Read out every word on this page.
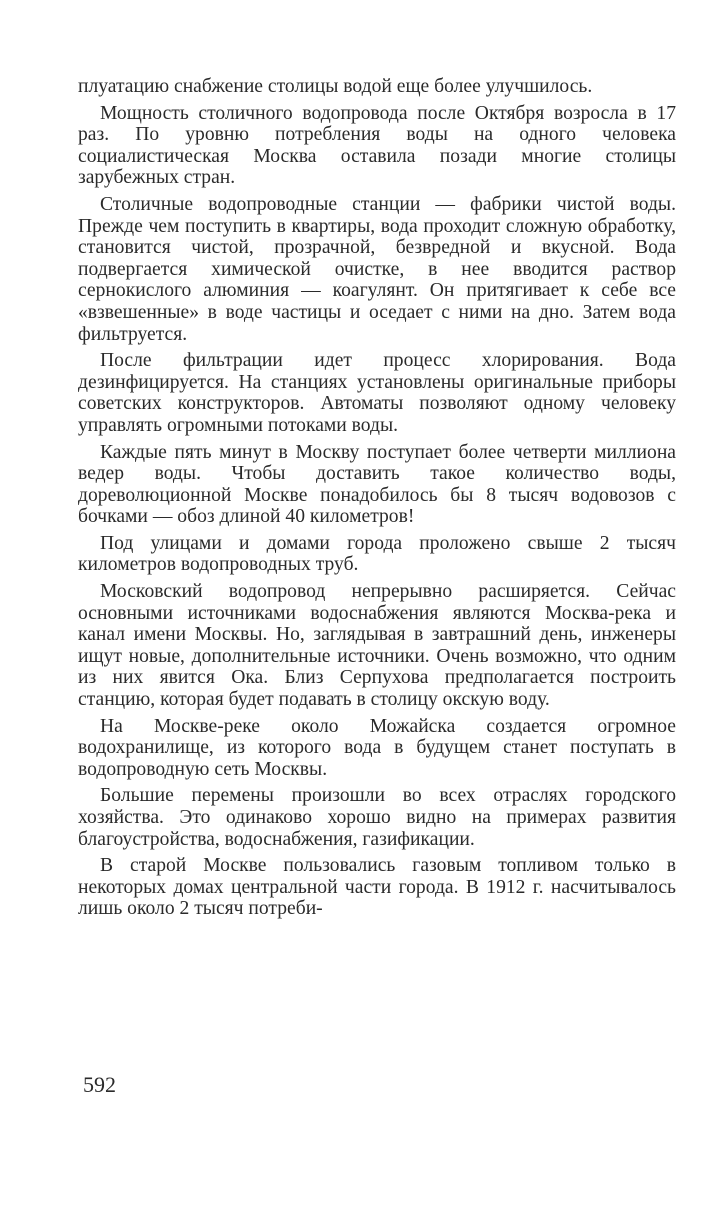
плуатацию снабжение столицы водой еще более улучшилось.

Мощность столичного водопровода после Октября возросла в 17 раз. По уровню потребления воды на одного человека социалистическая Москва оставила позади многие столицы зарубежных стран.

Столичные водопроводные станции — фабрики чистой воды. Прежде чем поступить в квартиры, вода проходит сложную обработку, становится чистой, прозрачной, безвредной и вкусной. Вода подвергается химической очистке, в нее вводится раствор сернокислого алюминия — коагулянт. Он притягивает к себе все «взвешенные» в воде частицы и оседает с ними на дно. Затем вода фильтруется.

После фильтрации идет процесс хлорирования. Вода дезинфицируется. На станциях установлены оригинальные приборы советских конструкторов. Автоматы позволяют одному человеку управлять огромными потоками воды.

Каждые пять минут в Москву поступает более четверти миллиона ведер воды. Чтобы доставить такое количество воды, дореволюционной Москве понадобилось бы 8 тысяч водовозов с бочками — обоз длиной 40 километров!

Под улицами и домами города проложено свыше 2 тысяч километров водопроводных труб.

Московский водопровод непрерывно расширяется. Сейчас основными источниками водоснабжения являются Москва-река и канал имени Москвы. Но, заглядывая в завтрашний день, инженеры ищут новые, дополнительные источники. Очень возможно, что одним из них явится Ока. Близ Серпухова предполагается построить станцию, которая будет подавать в столицу окскую воду.

На Москве-реке около Можайска создается огромное водохранилище, из которого вода в будущем станет поступать в водопроводную сеть Москвы.

Большие перемены произошли во всех отраслях городского хозяйства. Это одинаково хорошо видно на примерах развития благоустройства, водоснабжения, газификации.

В старой Москве пользовались газовым топливом только в некоторых домах центральной части города. В 1912 г. насчитывалось лишь около 2 тысяч потреби-

592
